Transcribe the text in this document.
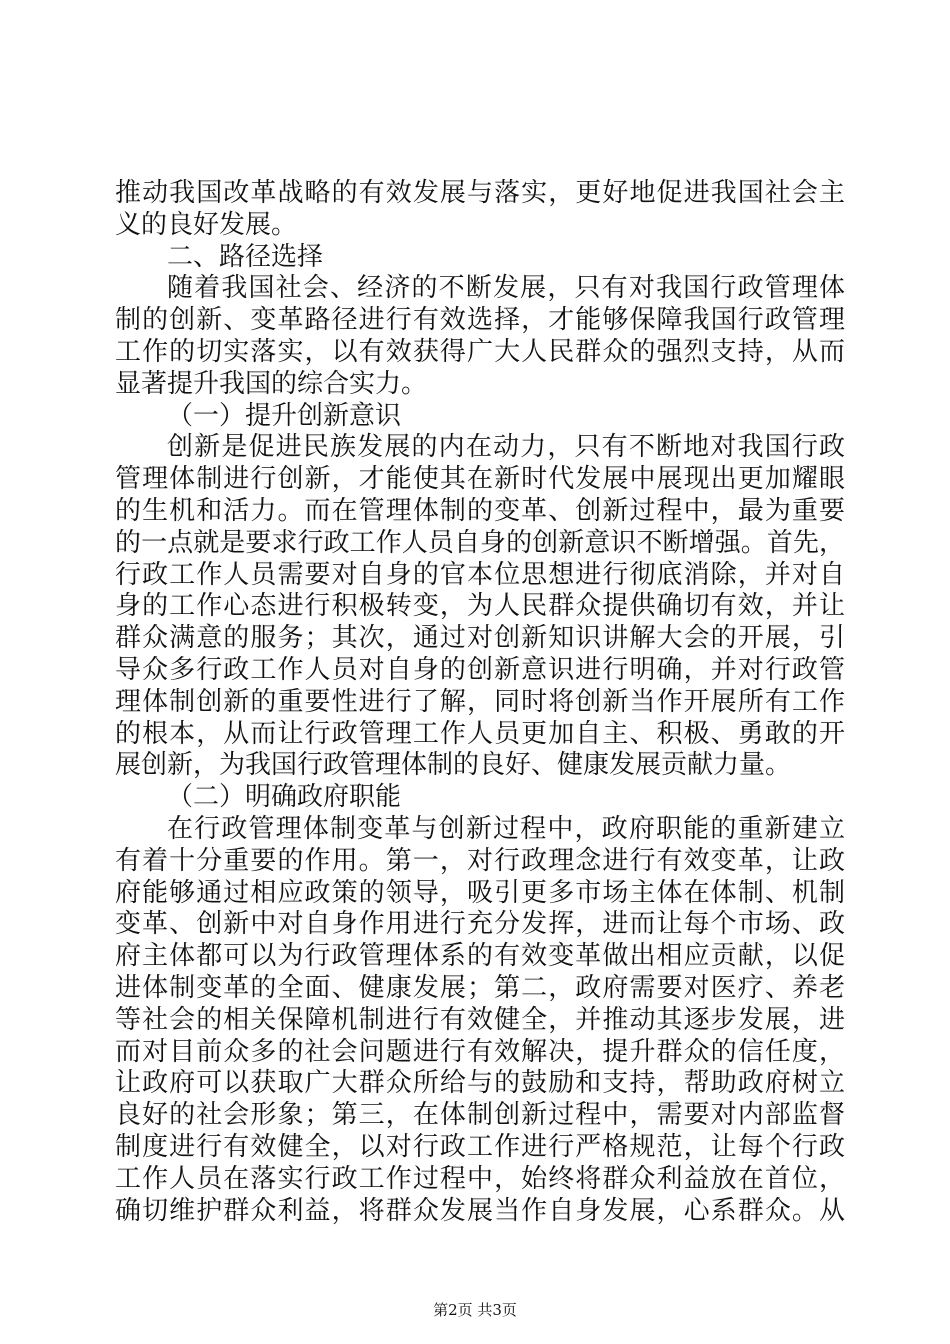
推动我国改革战略的有效发展与落实，更好地促进我国社会主
义的良好发展。
二、路径选择
随着我国社会、经济的不断发展，只有对我国行政管理体
制的创新、变革路径进行有效选择，才能够保障我国行政管理
工作的切实落实，以有效获得广大人民群众的强烈支持，从而
显著提升我国的综合实力。
（一）提升创新意识
创新是促进民族发展的内在动力，只有不断地对我国行政
管理体制进行创新，才能使其在新时代发展中展现出更加耀眼
的生机和活力。而在管理体制的变革、创新过程中，最为重要
的一点就是要求行政工作人员自身的创新意识不断增强。首先，
行政工作人员需要对自身的官本位思想进行彻底消除，并对自
身的工作心态进行积极转变，为人民群众提供确切有效，并让
群众满意的服务；其次，通过对创新知识讲解大会的开展，引
导众多行政工作人员对自身的创新意识进行明确，并对行政管
理体制创新的重要性进行了解，同时将创新当作开展所有工作
的根本，从而让行政管理工作人员更加自主、积极、勇敢的开
展创新，为我国行政管理体制的良好、健康发展贡献力量。
（二）明确政府职能
在行政管理体制变革与创新过程中，政府职能的重新建立
有着十分重要的作用。第一，对行政理念进行有效变革，让政
府能够通过相应政策的领导，吸引更多市场主体在体制、机制
变革、创新中对自身作用进行充分发挥，进而让每个市场、政
府主体都可以为行政管理体系的有效变革做出相应贡献，以促
进体制变革的全面、健康发展；第二，政府需要对医疗、养老
等社会的相关保障机制进行有效健全，并推动其逐步发展，进
而对目前众多的社会问题进行有效解决，提升群众的信任度，
让政府可以获取广大群众所给与的鼓励和支持，帮助政府树立
良好的社会形象；第三，在体制创新过程中，需要对内部监督
制度进行有效健全，以对行政工作进行严格规范，让每个行政
工作人员在落实行政工作过程中，始终将群众利益放在首位，
确切维护群众利益，将群众发展当作自身发展，心系群众。从
第2页 共3页
